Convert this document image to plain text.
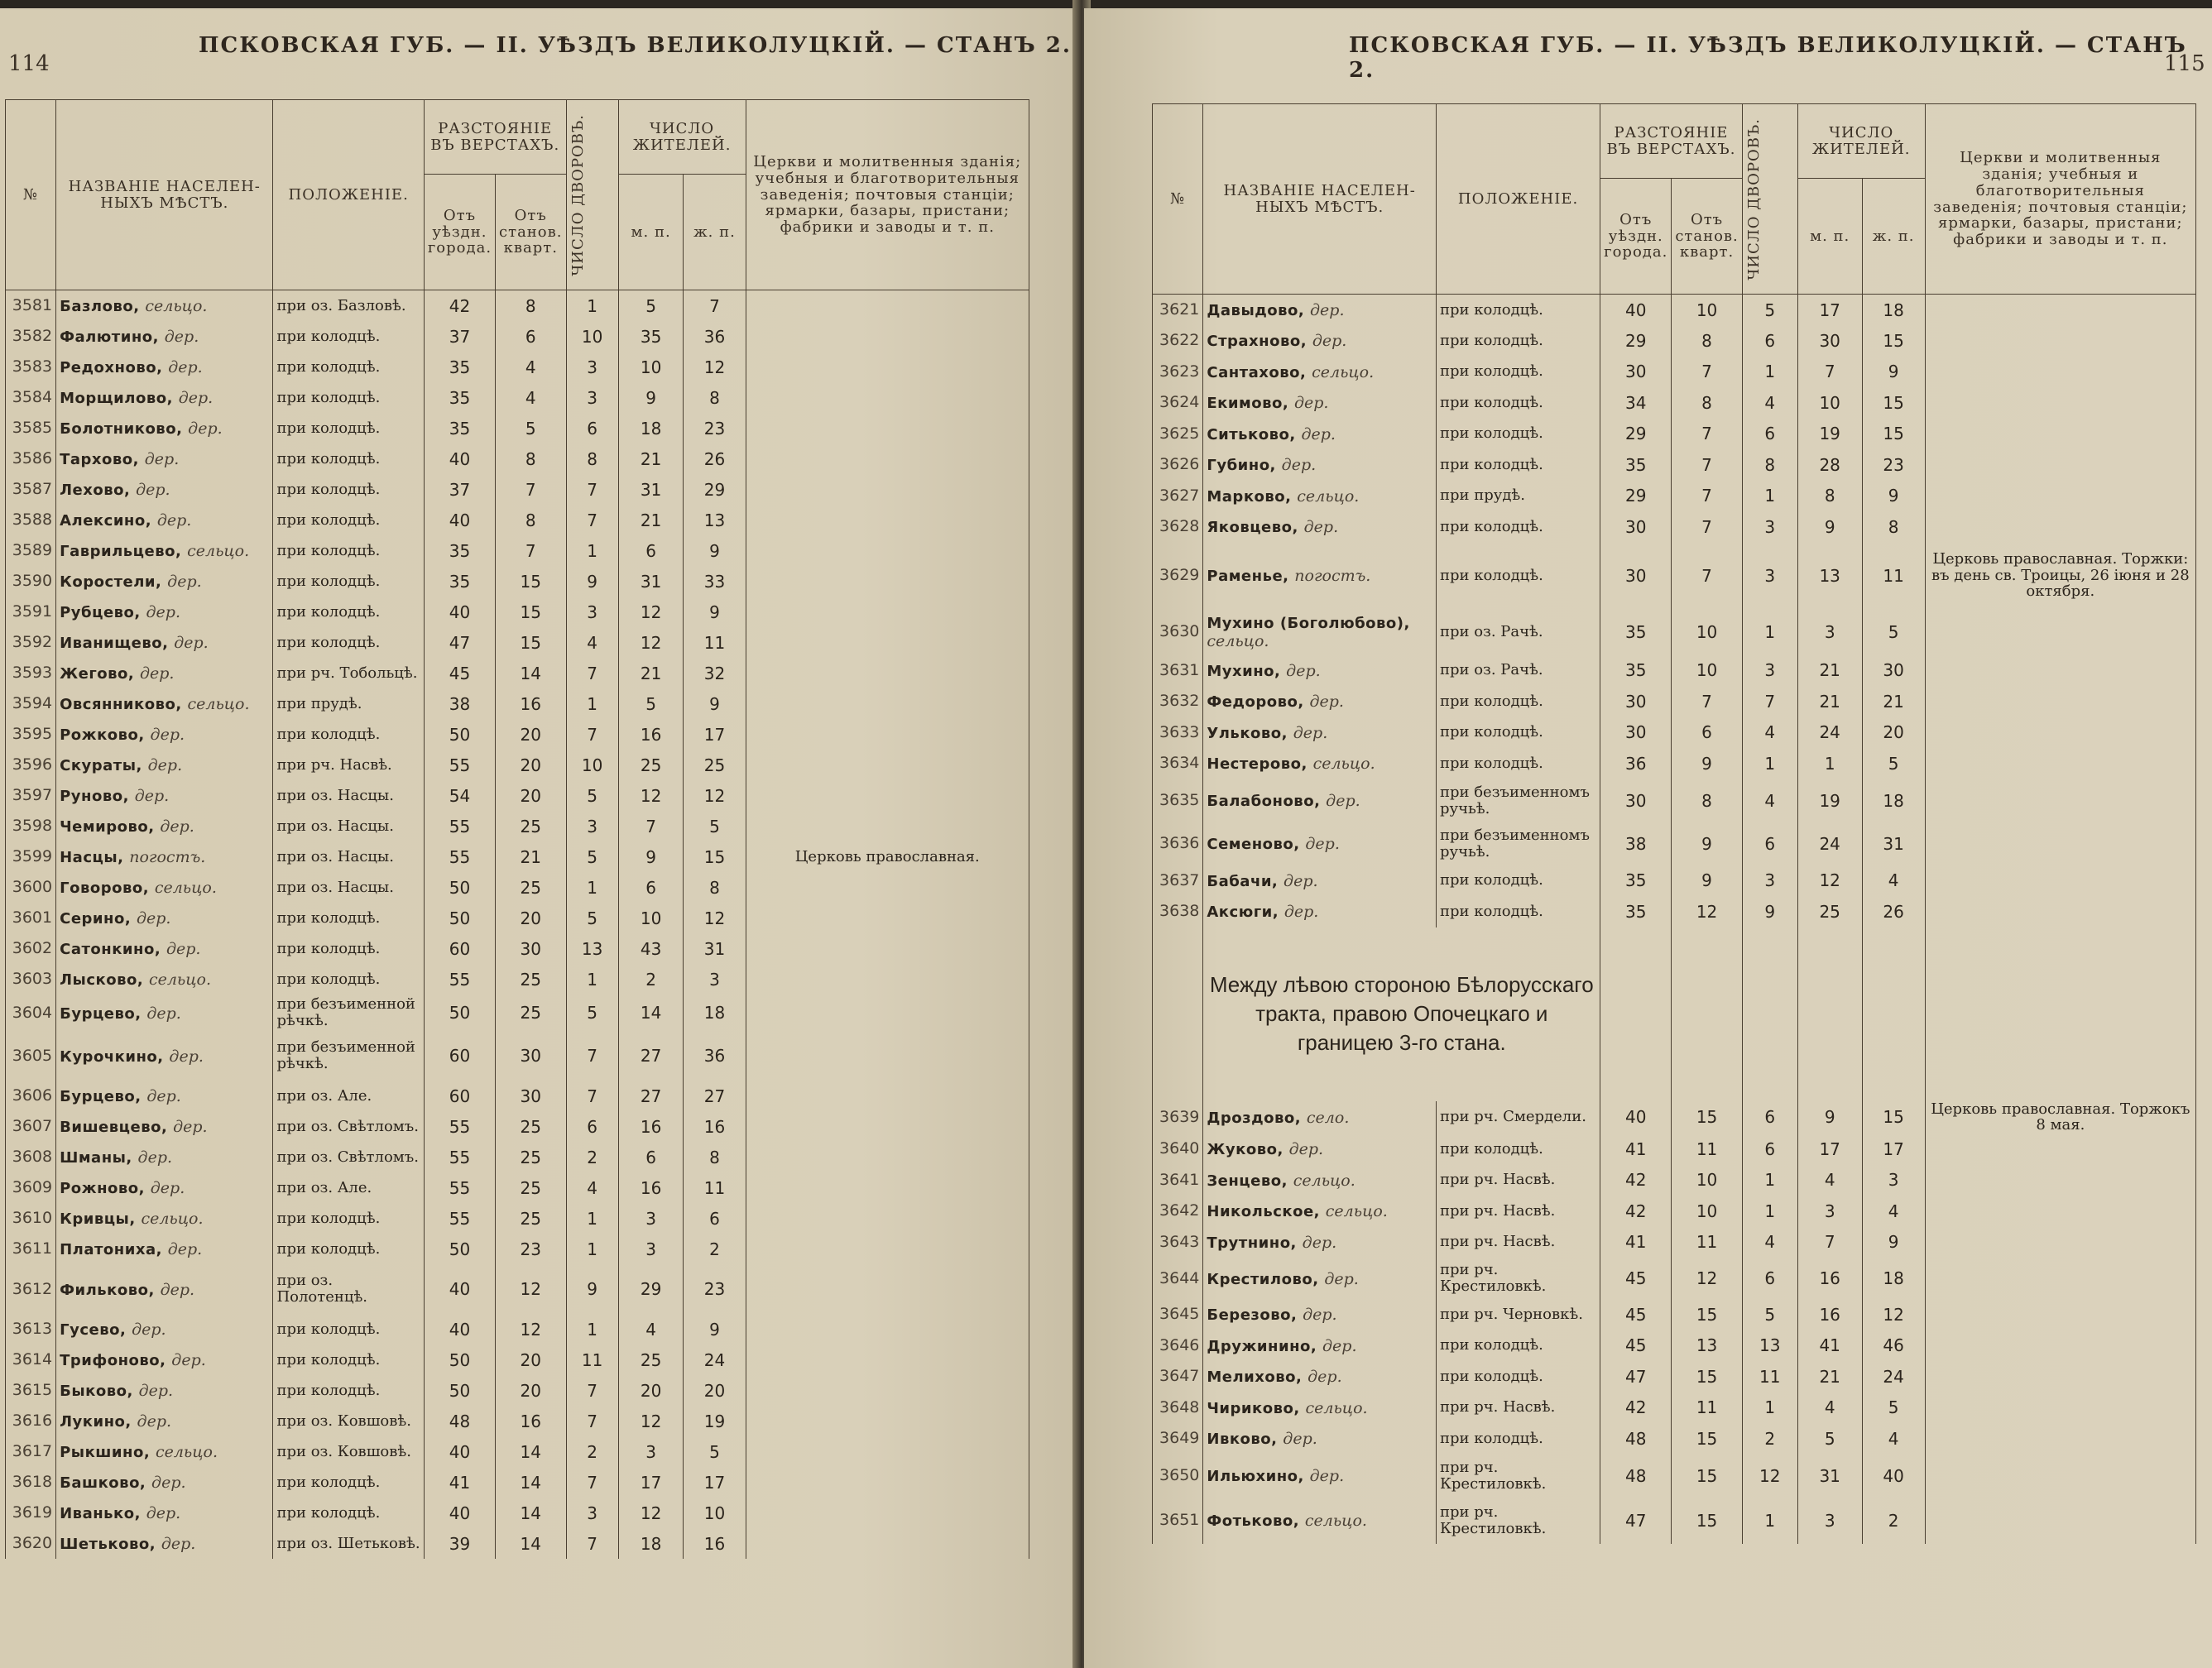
114
ПСКОВСКАЯ ГУБ. — II. УѢЗДЪ ВЕЛИКОЛУЦКІЙ. — СТАНЪ 2.
№	НАЗВАНІЕ НАСЕЛЕН-НЫХЪ МѢСТЪ.	ПОЛОЖЕНІЕ.	РАЗСТОЯНІЕ ВЪ ВЕРСТАХЪ.		ЧИСЛО ДВОРОВЪ.	ЧИСЛО ЖИТЕЛЕЙ.		Церкви и молитвенныя зданія; учебныя и благотворительныя заведенія; почтовыя станціи; ярмарки, базары, пристани; фабрики и заводы и т. п.
			Отъ уѣздн. города.	Отъ станов. кварт.		м. п.	ж. п.	
3581	Базлово, сельцо.	при оз. Базловѣ.	42	8	1	5	7	
3582	Фалютино, дер.	при колодцѣ.	37	6	10	35	36	
3583	Редохново, дер.	при колодцѣ.	35	4	3	10	12	
3584	Морщилово, дер.	при колодцѣ.	35	4	3	9	8	
3585	Болотниково, дер.	при колодцѣ.	35	5	6	18	23	
3586	Тархово, дер.	при колодцѣ.	40	8	8	21	26	
3587	Лехово, дер.	при колодцѣ.	37	7	7	31	29	
3588	Алексино, дер.	при колодцѣ.	40	8	7	21	13	
3589	Гаврильцево, сельцо.	при колодцѣ.	35	7	1	6	9	
3590	Коростели, дер.	при колодцѣ.	35	15	9	31	33	
3591	Рубцево, дер.	при колодцѣ.	40	15	3	12	9	
3592	Иванищево, дер.	при колодцѣ.	47	15	4	12	11	
3593	Жегово, дер.	при рч. Тобольцѣ.	45	14	7	21	32	
3594	Овсянниково, сельцо.	при прудѣ.	38	16	1	5	9	
3595	Рожково, дер.	при колодцѣ.	50	20	7	16	17	
3596	Скураты, дер.	при рч. Насвѣ.	55	20	10	25	25	
3597	Руново, дер.	при оз. Насцы.	54	20	5	12	12	
3598	Чемирово, дер.	при оз. Насцы.	55	25	3	7	5	
3599	Насцы, погостъ.	при оз. Насцы.	55	21	5	9	15	Церковь православная.
3600	Говорово, сельцо.	при оз. Насцы.	50	25	1	6	8	
3601	Серино, дер.	при колодцѣ.	50	20	5	10	12	
3602	Сатонкино, дер.	при колодцѣ.	60	30	13	43	31	
3603	Лысково, сельцо.	при колодцѣ.	55	25	1	2	3	
3604	Бурцево, дер.	при безъименной рѣчкѣ.	50	25	5	14	18	
3605	Курочкино, дер.	при безъименной рѣчкѣ.	60	30	7	27	36	
3606	Бурцево, дер.	при оз. Але.	60	30	7	27	27	
3607	Вишевцево, дер.	при оз. Свѣтломъ.	55	25	6	16	16	
3608	Шманы, дер.	при оз. Свѣтломъ.	55	25	2	6	8	
3609	Рожново, дер.	при оз. Але.	55	25	4	16	11	
3610	Кривцы, сельцо.	при колодцѣ.	55	25	1	3	6	
3611	Платониха, дер.	при колодцѣ.	50	23	1	3	2	
3612	Фильково, дер.	при оз. Полотенцѣ.	40	12	9	29	23	
3613	Гусево, дер.	при колодцѣ.	40	12	1	4	9	
3614	Трифоново, дер.	при колодцѣ.	50	20	11	25	24	
3615	Быково, дер.	при колодцѣ.	50	20	7	20	20	
3616	Лукино, дер.	при оз. Ковшовѣ.	48	16	7	12	19	
3617	Рыкшино, сельцо.	при оз. Ковшовѣ.	40	14	2	3	5	
3618	Башково, дер.	при колодцѣ.	41	14	7	17	17	
3619	Иванько, дер.	при колодцѣ.	40	14	3	12	10	
3620	Шетьково, дер.	при оз. Шетьковѣ.	39	14	7	18	16	
ПСКОВСКАЯ ГУБ. — II. УѢЗДЪ ВЕЛИКОЛУЦКІЙ. — СТАНЪ 2.	115
№	НАЗВАНІЕ НАСЕЛЕН-НЫХЪ МѢСТЪ.	ПОЛОЖЕНІЕ.	РАЗСТОЯНІЕ ВЪ ВЕРСТАХЪ.		ЧИСЛО ДВОРОВЪ.	ЧИСЛО ЖИТЕЛЕЙ.		Церкви и молитвенныя зданія; учебныя и благотворительныя заведенія; почтовыя станціи; ярмарки, базары, пристани; фабрики и заводы и т. п.
			Отъ уѣздн. города.	Отъ станов. кварт.		м. п.	ж. п.	
3621	Давыдово, дер.	при колодцѣ.	40	10	5	17	18	
3622	Страхново, дер.	при колодцѣ.	29	8	6	30	15	
3623	Сантахово, сельцо.	при колодцѣ.	30	7	1	7	9	
3624	Екимово, дер.	при колодцѣ.	34	8	4	10	15	
3625	Ситьково, дер.	при колодцѣ.	29	7	6	19	15	
3626	Губино, дер.	при колодцѣ.	35	7	8	28	23	
3627	Марково, сельцо.	при прудѣ.	29	7	1	8	9	
3628	Яковцево, дер.	при колодцѣ.	30	7	3	9	8	
3629	Раменье, погостъ.	при колодцѣ.	30	7	3	13	11	Церковь православная. Торжки: въ день св. Троицы, 26 іюня и 28 октября.
3630	Мухино (Боголюбово), сельцо.	при оз. Рачѣ.	35	10	1	3	5	
3631	Мухино, дер.	при оз. Рачѣ.	35	10	3	21	30	
3632	Федорово, дер.	при колодцѣ.	30	7	7	21	21	
3633	Ульково, дер.	при колодцѣ.	30	6	4	24	20	
3634	Нестерово, сельцо.	при колодцѣ.	36	9	1	1	5	
3635	Балабоново, дер.	при безъименномъ ручьѣ.	30	8	4	19	18	
3636	Семеново, дер.	при безъименномъ ручьѣ.	38	9	6	24	31	
3637	Бабачи, дер.	при колодцѣ.	35	9	3	12	4	
3638	Аксюги, дер.	при колодцѣ.	35	12	9	25	26	
	Между лѣвою стороною Бѣлорусскаго тракта, правою Опочецкаго и границею 3-го стана.							
3639	Дроздово, село.	при рч. Смердели.	40	15	6	9	15	Церковь православная. Торжокъ 8 мая.
3640	Жуково, дер.	при колодцѣ.	41	11	6	17	17	
3641	Зенцево, сельцо.	при рч. Насвѣ.	42	10	1	4	3	
3642	Никольское, сельцо.	при рч. Насвѣ.	42	10	1	3	4	
3643	Трутнино, дер.	при рч. Насвѣ.	41	11	4	7	9	
3644	Крестилово, дер.	при рч. Крестиловкѣ.	45	12	6	16	18	
3645	Березово, дер.	при рч. Черновкѣ.	45	15	5	16	12	
3646	Дружинино, дер.	при колодцѣ.	45	13	13	41	46	
3647	Мелихово, дер.	при колодцѣ.	47	15	11	21	24	
3648	Чириково, сельцо.	при рч. Насвѣ.	42	11	1	4	5	
3649	Ивково, дер.	при колодцѣ.	48	15	2	5	4	
3650	Ильюхино, дер.	при рч. Крестиловкѣ.	48	15	12	31	40	
3651	Фотьково, сельцо.	при рч. Крестиловкѣ.	47	15	1	3	2	
